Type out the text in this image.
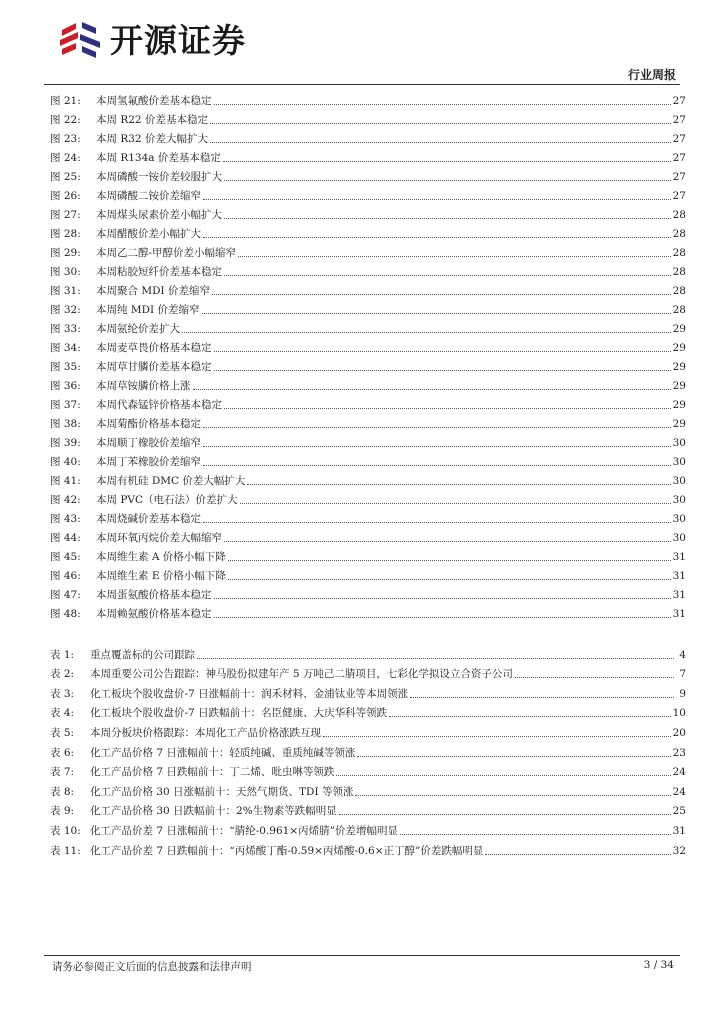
开源证券
行业周报
图 21:	本周氢氟酸价差基本稳定	27
图 22:	本周 R22 价差基本稳定	27
图 23:	本周 R32 价差大幅扩大	27
图 24:	本周 R134a 价差基本稳定	27
图 25:	本周磷酸一铵价差较服扩大	27
图 26:	本周磷酸二铵价差缩窄	27
图 27:	本周煤头尿素价差小幅扩大	28
图 28:	本周醋酸价差小幅扩大	28
图 29:	本周乙二醇-甲醇价差小幅缩窄	28
图 30:	本周粘胶短纤价差基本稳定	28
图 31:	本周聚合 MDI 价差缩窄	28
图 32:	本周纯 MDI 价差缩窄	28
图 33:	本周氨纶价差扩大	29
图 34:	本周麦草畏价格基本稳定	29
图 35:	本周草甘膦价差基本稳定	29
图 36:	本周草铵膦价格上涨	29
图 37:	本周代森锰锌价格基本稳定	29
图 38:	本周菊酯价格基本稳定	29
图 39:	本周顺丁橡胶价差缩窄	30
图 40:	本周丁苯橡胶价差缩窄	30
图 41:	本周有机硅 DMC 价差大幅扩大	30
图 42:	本周 PVC（电石法）价差扩大	30
图 43:	本周烧碱价差基本稳定	30
图 44:	本周环氧丙烷价差大幅缩窄	30
图 45:	本周维生素 A 价格小幅下降	31
图 46:	本周维生素 E 价格小幅下降	31
图 47:	本周蛋氨酸价格基本稳定	31
图 48:	本周赖氨酸价格基本稳定	31
表 1:	重点覆盖标的公司跟踪	4
表 2:	本周重要公司公告跟踪：神马股份拟建年产 5 万吨己二腈项目，七彩化学拟设立合资子公司	7
表 3:	化工板块个股收盘价-7 日涨幅前十：润禾材料、金浦钛业等本周领涨	9
表 4:	化工板块个股收盘价-7 日跌幅前十：名臣健康、大庆华科等领跌	10
表 5:	本周分板块价格跟踪：本周化工产品价格涨跌互现	20
表 6:	化工产品价格 7 日涨幅前十：轻质纯碱、重质纯碱等领涨	23
表 7:	化工产品价格 7 日跌幅前十：丁二烯、吡虫啉等领跌	24
表 8:	化工产品价格 30 日涨幅前十：天然气期货、TDI 等领涨	24
表 9:	化工产品价格 30 日跌幅前十：2%生物素等跌幅明显	25
表 10: 化工产品价差 7 日涨幅前十：“腈纶-0.961×丙烯腈”价差增幅明显	31
表 11: 化工产品价差 7 日跌幅前十：“丙烯酸丁酯-0.59×丙烯酸-0.6×正丁醇”价差跌幅明显	32
请务必参阅正文后面的信息披露和法律声明	3 / 34
